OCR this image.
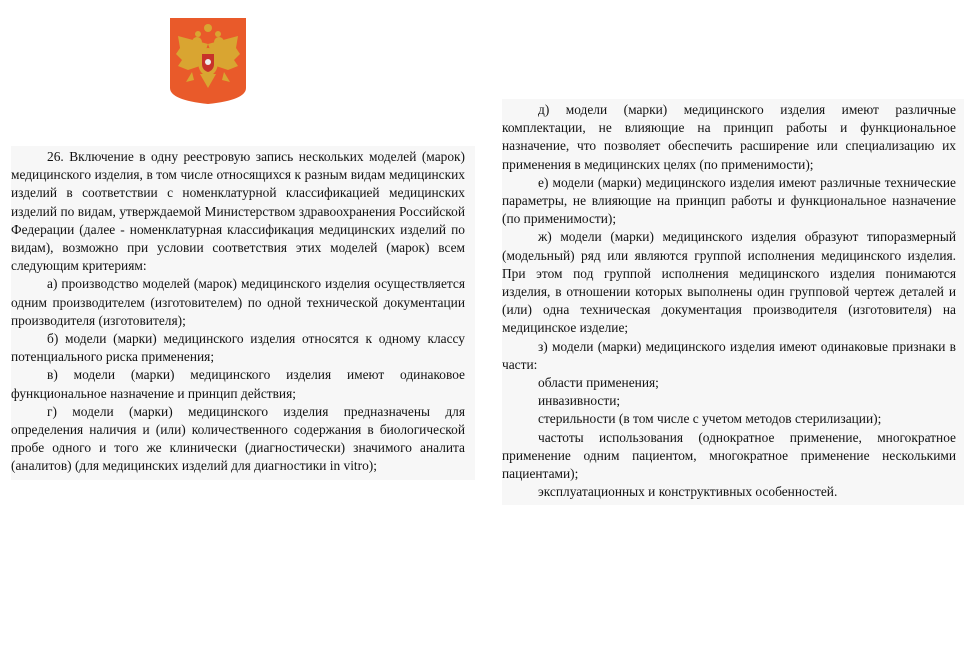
26. Включение в одну реестровую запись нескольких моделей (марок) медицинского изделия, в том числе относящихся к разным видам медицинских изделий в соответствии с номенклатурной классификацией медицинских изделий по видам, утверждаемой Министерством здравоохранения Российской Федерации (далее - номенклатурная классификация медицинских изделий по видам), возможно при условии соответствия этих моделей (марок) всем следующим критериям:

а) производство моделей (марок) медицинского изделия осуществляется одним производителем (изготовителем) по одной технической документации производителя (изготовителя);

б) модели (марки) медицинского изделия относятся к одному классу потенциального риска применения;

в) модели (марки) медицинского изделия имеют одинаковое функциональное назначение и принцип действия;

г) модели (марки) медицинского изделия предназначены для определения наличия и (или) количественного содержания в биологической пробе одного и того же клинически (диагностически) значимого аналита (аналитов) (для медицинских изделий для диагностики in vitro);

д) модели (марки) медицинского изделия имеют различные комплектации, не влияющие на принцип работы и функциональное назначение, что позволяет обеспечить расширение или специализацию их применения в медицинских целях (по применимости);

е) модели (марки) медицинского изделия имеют различные технические параметры, не влияющие на принцип работы и функциональное назначение (по применимости);

ж) модели (марки) медицинского изделия образуют типоразмерный (модельный) ряд или являются группой исполнения медицинского изделия. При этом под группой исполнения медицинского изделия понимаются изделия, в отношении которых выполнены один групповой чертеж деталей и (или) одна техническая документация производителя (изготовителя) на медицинское изделие;

з) модели (марки) медицинского изделия имеют одинаковые признаки в части:

области применения;

инвазивности;

стерильности (в том числе с учетом методов стерилизации);

частоты использования (однократное применение, многократное применение одним пациентом, многократное применение несколькими пациентами);

эксплуатационных и конструктивных особенностей.
